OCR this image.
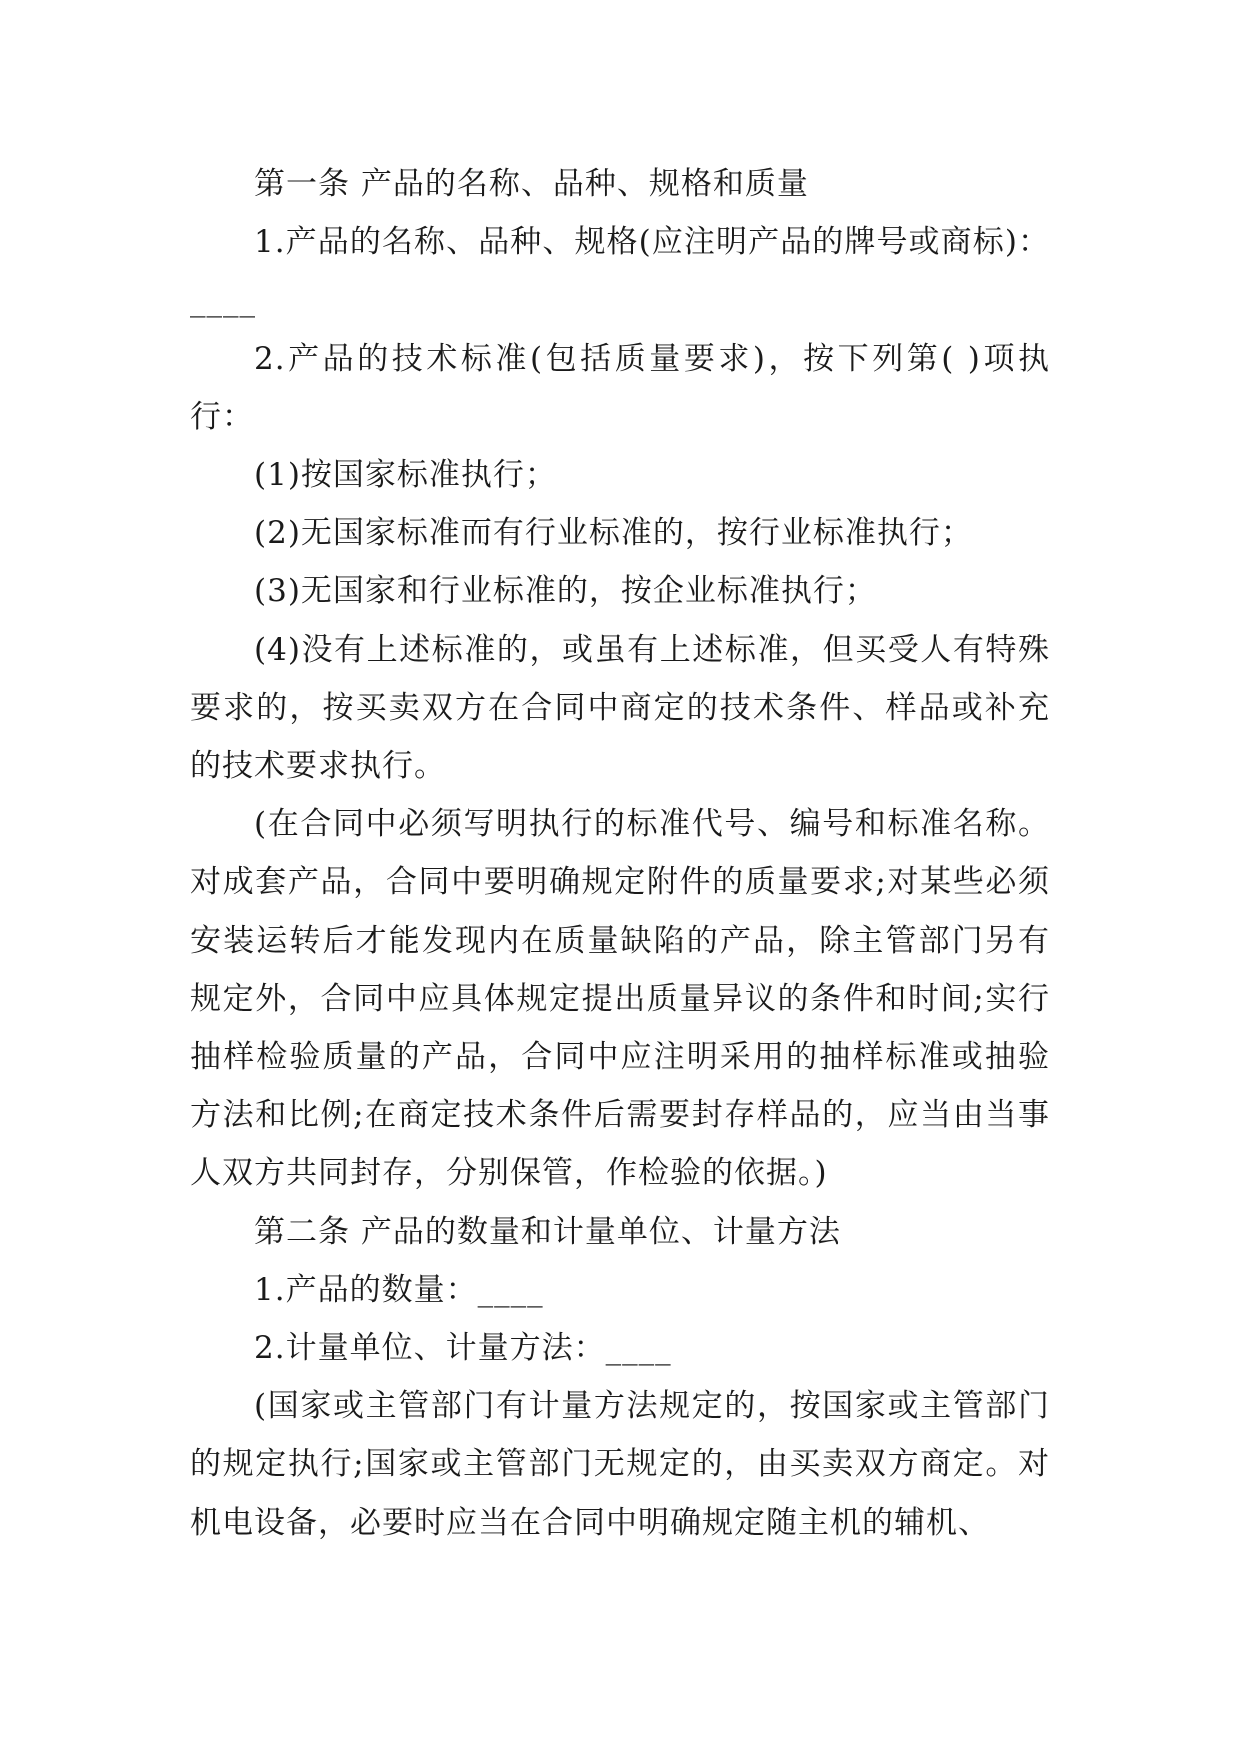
第一条 产品的名称、品种、规格和质量

1.产品的名称、品种、规格(应注明产品的牌号或商标)：____

2.产品的技术标准(包括质量要求)，按下列第( )项执行：

(1)按国家标准执行；

(2)无国家标准而有行业标准的，按行业标准执行；

(3)无国家和行业标准的，按企业标准执行；

(4)没有上述标准的，或虽有上述标准，但买受人有特殊要求的，按买卖双方在合同中商定的技术条件、样品或补充的技术要求执行。

(在合同中必须写明执行的标准代号、编号和标准名称。对成套产品，合同中要明确规定附件的质量要求;对某些必须安装运转后才能发现内在质量缺陷的产品，除主管部门另有规定外，合同中应具体规定提出质量异议的条件和时间;实行抽样检验质量的产品，合同中应注明采用的抽样标准或抽验方法和比例;在商定技术条件后需要封存样品的，应当由当事人双方共同封存，分别保管，作检验的依据。)

第二条 产品的数量和计量单位、计量方法

1.产品的数量：____

2.计量单位、计量方法：____

(国家或主管部门有计量方法规定的，按国家或主管部门的规定执行;国家或主管部门无规定的，由买卖双方商定。对机电设备，必要时应当在合同中明确规定随主机的辅机、
